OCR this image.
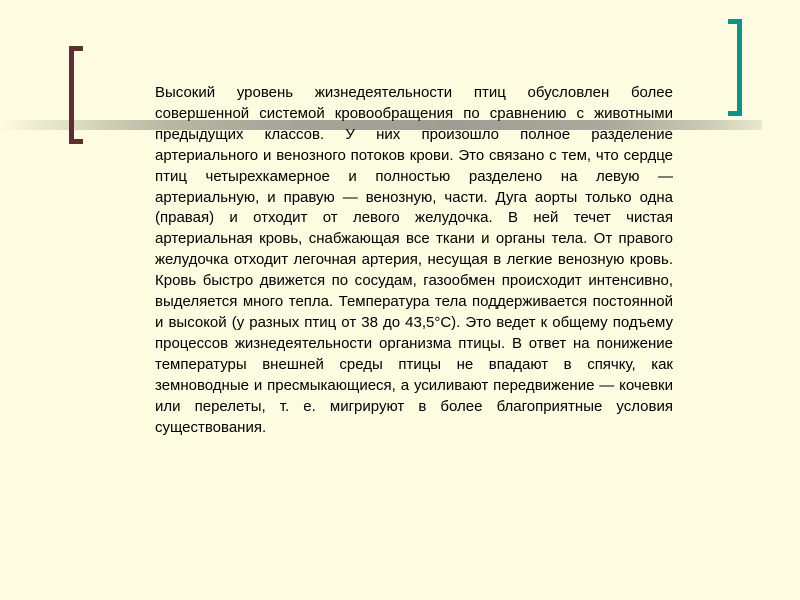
Высокий уровень жизнедеятельности птиц обусловлен более совершенной системой кровообращения по сравнению с животными предыдущих классов. У них произошло полное разделение артериального и венозного потоков крови. Это связано с тем, что сердце птиц четырехкамерное и полностью разделено на левую — артериальную, и правую — венозную, части. Дуга аорты только одна (правая) и отходит от левого желудочка. В ней течет чистая артериальная кровь, снабжающая все ткани и органы тела. От правого желудочка отходит легочная артерия, несущая в легкие венозную кровь. Кровь быстро движется по сосудам, газообмен происходит интенсивно, выделяется много тепла. Температура тела поддерживается постоянной и высокой (у разных птиц от 38 до 43,5°С). Это ведет к общему подъему процессов жизнедеятельности организма птицы. В ответ на понижение температуры внешней среды птицы не впадают в спячку, как земноводные и пресмыкающиеся, а усиливают передвижение — кочевки или перелеты, т. е. мигрируют в более благоприятные условия существования.
